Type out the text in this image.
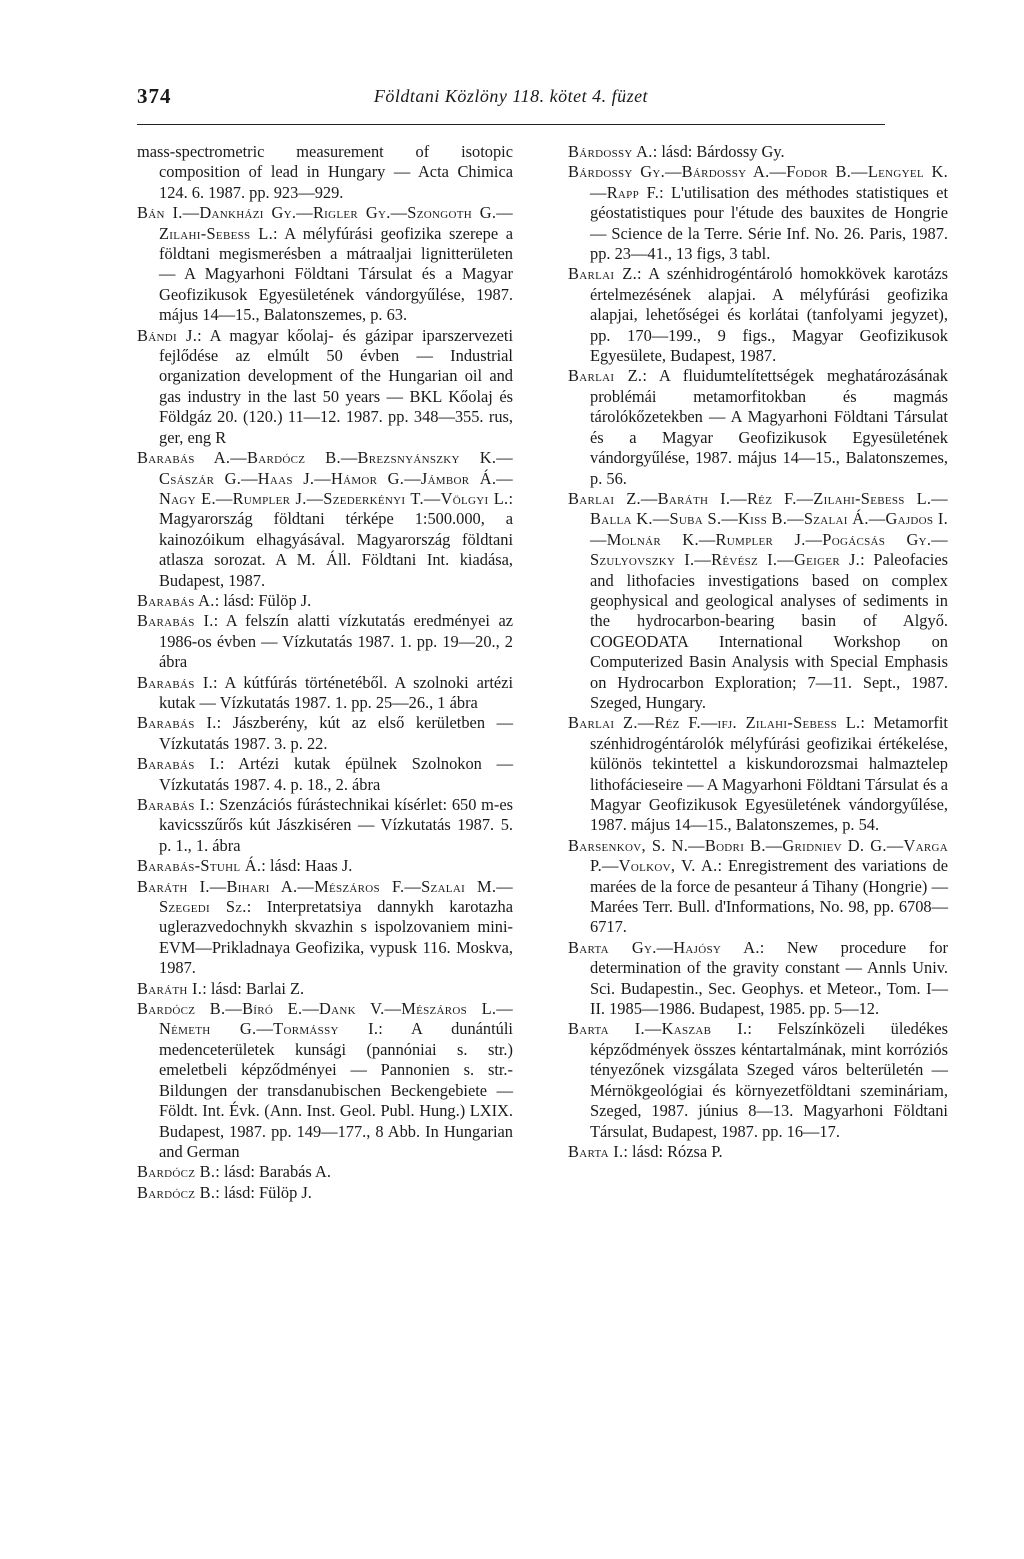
374	Földtani Közlöny 118. kötet 4. füzet

mass-spectrometric measurement of isotopic composition of lead in Hungary — Acta Chimica 124. 6. 1987. pp. 923—929.

Bán I.—Dankházi Gy.—Rigler Gy.—Szongoth G.—Zilahi-Sebess L.: A mélyfúrási geofizika szerepe a földtani megismerésben a mátraaljai lignitterületen — A Magyarhoni Földtani Társulat és a Magyar Geofizikusok Egyesületének vándorgyűlése, 1987. május 14—15., Balatonszemes, p. 63.

Bándi J.: A magyar kőolaj- és gázipar iparszervezeti fejlődése az elmúlt 50 évben — Industrial organization development of the Hungarian oil and gas industry in the last 50 years — BKL Kőolaj és Földgáz 20. (120.) 11—12. 1987. pp. 348—355. rus, ger, eng R

Barabás A.—Bardócz B.—Brezsnyánszky K.—Császár G.—Haas J.—Hámor G.—Jámbor Á.—Nagy E.—Rumpler J.—Szederkényi T.—Völgyi L.: Magyarország földtani térképe 1:500.000, a kainozóikum elhagyásával. Magyarország földtani atlasza sorozat. A M. Áll. Földtani Int. kiadása, Budapest, 1987.

Barabás A.: lásd: Fülöp J.

Barabás I.: A felszín alatti vízkutatás eredményei az 1986-os évben — Vízkutatás 1987. 1. pp. 19—20., 2 ábra

Barabás I.: A kútfúrás történetéből. A szolnoki artézi kutak — Vízkutatás 1987. 1. pp. 25—26., 1 ábra

Barabás I.: Jászberény, kút az első kerületben — Vízkutatás 1987. 3. p. 22.

Barabás I.: Artézi kutak épülnek Szolnokon — Vízkutatás 1987. 4. p. 18., 2. ábra

Barabás I.: Szenzációs fúrástechnikai kísérlet: 650 m-es kavicsszűrős kút Jászkiséren — Vízkutatás 1987. 5. p. 1., 1. ábra

Barabás-Stuhl Á.: lásd: Haas J.

Baráth I.—Bihari A.—Mészáros F.—Szalai M.—Szegedi Sz.: Interpretatsiya dannykh karotazha uglerazvedochnykh skvazhin s ispolzovaniem mini-EVM—Prikladnaya Geofizika, vypusk 116. Moskva, 1987.

Baráth I.: lásd: Barlai Z.

Bardócz B.—Bíró E.—Dank V.—Mészáros L.—Németh G.—Tormássy I.: A dunántúli medenceterületek kunsági (pannóniai s. str.) emeletbeli képződményei — Pannonien s. str.-Bildungen der transdanubischen Beckengebiete — Földt. Int. Évk. (Ann. Inst. Geol. Publ. Hung.) LXIX. Budapest, 1987. pp. 149—177., 8 Abb. In Hungarian and German

Bardócz B.: lásd: Barabás A.

Bardócz B.: lásd: Fülöp J.

Bárdossy A.: lásd: Bárdossy Gy.

Bárdossy Gy.—Bárdossy A.—Fodor B.—Lengyel K.—Rapp F.: L'utilisation des méthodes statistiques et géostatistiques pour l'étude des bauxites de Hongrie — Science de la Terre. Série Inf. No. 26. Paris, 1987. pp. 23—41., 13 figs, 3 tabl.

Barlai Z.: A szénhidrogéntároló homokkövek karotázs értelmezésének alapjai. A mélyfúrási geofizika alapjai, lehetőségei és korlátai (tanfolyami jegyzet), pp. 170—199., 9 figs., Magyar Geofizikusok Egyesülete, Budapest, 1987.

Barlai Z.: A fluidumtelítettségek meghatározásának problémái metamorfitokban és magmás tárolókőzetekben — A Magyarhoni Földtani Társulat és a Magyar Geofizikusok Egyesületének vándorgyűlése, 1987. május 14—15., Balatonszemes, p. 56.

Barlai Z.—Baráth I.—Réz F.—Zilahi-Sebess L.—Balla K.—Suba S.—Kiss B.—Szalai Á.—Gajdos I.—Molnár K.—Rumpler J.—Pogácsás Gy.—Szulyovszky I.—Révész I.—Geiger J.: Paleofacies and lithofacies investigations based on complex geophysical and geological analyses of sediments in the hydrocarbon-bearing basin of Algyő. COGEODATA International Workshop on Computerized Basin Analysis with Special Emphasis on Hydrocarbon Exploration; 7—11. Sept., 1987. Szeged, Hungary.

Barlai Z.—Réz F.—ifj. Zilahi-Sebess L.: Metamorfit szénhidrogéntárolók mélyfúrási geofizikai értékelése, különös tekintettel a kiskundorozsmai halmaztelep lithofácieseire — A Magyarhoni Földtani Társulat és a Magyar Geofizikusok Egyesületének vándorgyűlése, 1987. május 14—15., Balatonszemes, p. 54.

Barsenkov, S. N.—Bodri B.—Gridniev D. G.—Varga P.—Volkov, V. A.: Enregistrement des variations de marées de la force de pesanteur á Tihany (Hongrie) — Marées Terr. Bull. d'Informations, No. 98, pp. 6708—6717.

Barta Gy.—Hajósy A.: New procedure for determination of the gravity constant — Annls Univ. Sci. Budapestin., Sec. Geophys. et Meteor., Tom. I—II. 1985—1986. Budapest, 1985. pp. 5—12.

Barta I.—Kaszab I.: Felszínközeli üledékes képződmények összes kéntartalmának, mint korróziós tényezőnek vizsgálata Szeged város belterületén — Mérnökgeológiai és környezetföldtani szemináriam, Szeged, 1987. június 8—13. Magyarhoni Földtani Társulat, Budapest, 1987. pp. 16—17.

Barta I.: lásd: Rózsa P.
